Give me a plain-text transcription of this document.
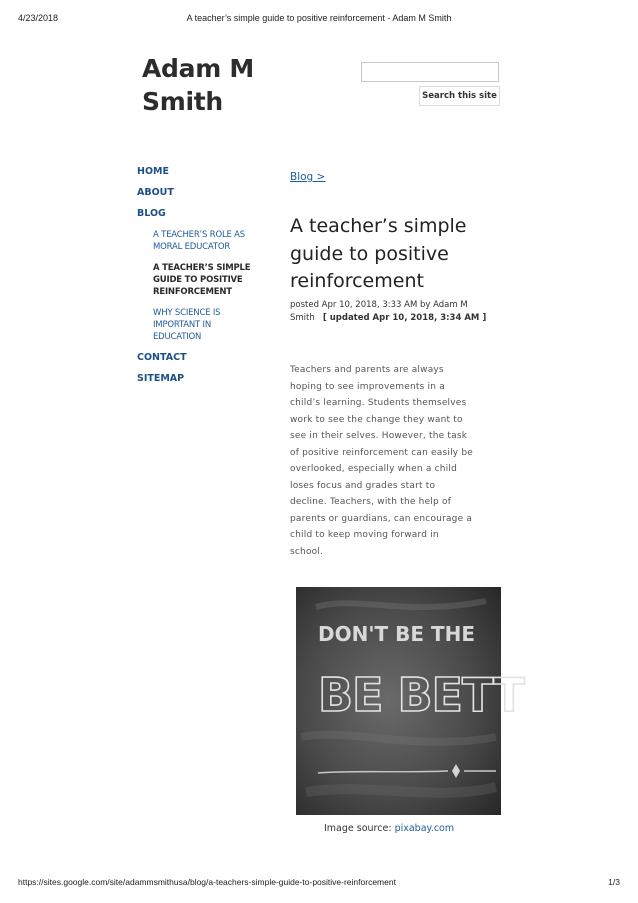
4/23/2018	A teacher’s simple guide to positive reinforcement - Adam M Smith
Adam M
Smith	Search this site
HOME
ABOUT
BLOG
A TEACHER’S ROLE AS
MORAL EDUCATOR
A TEACHER’S SIMPLE
GUIDE TO POSITIVE
REINFORCEMENT
WHY SCIENCE IS
IMPORTANT IN
EDUCATION
CONTACT
SITEMAP
Blog >
A teacher’s simple
guide to positive
reinforcement
posted Apr 10, 2018, 3:33 AM by Adam M
Smith [ updated Apr 10, 2018, 3:34 AM ]

Teachers and parents are always
hoping to see improvements in a
child’s learning. Students themselves
work to see the change they want to
see in their selves. However, the task
of positive reinforcement can easily be
overlooked, especially when a child
loses focus and grades start to
decline. Teachers, with the help of
parents or guardians, can encourage a
child to keep moving forward in
school.

DON'T BE THE
BE BETT
Image source: pixabay.com
https://sites.google.com/site/adammsmithusa/blog/a-teachers-simple-guide-to-positive-reinforcement	1/3
